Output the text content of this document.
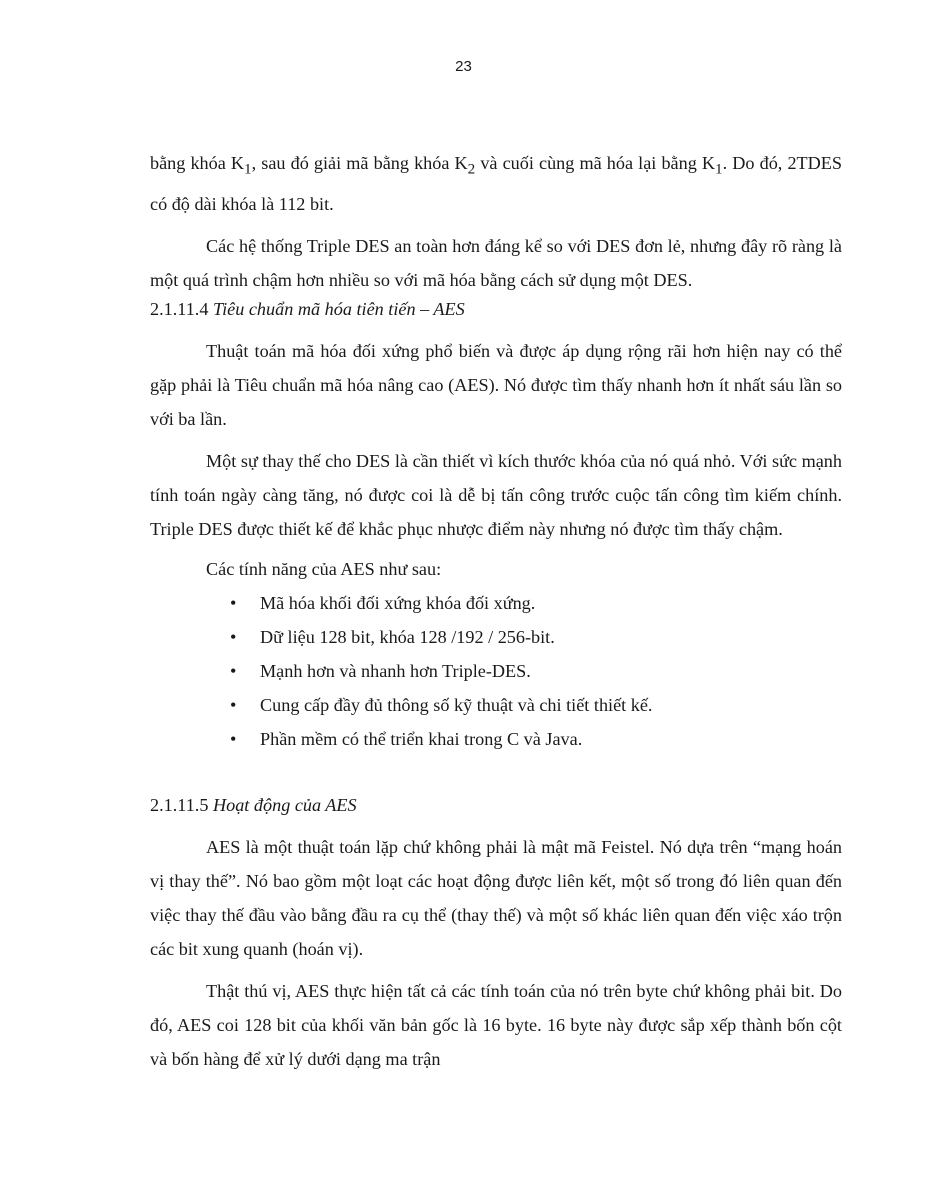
23

bằng khóa $K_1$, sau đó giải mã bằng khóa $K_2$ và cuối cùng mã hóa lại bằng $K_1$. Do đó, 2TDES có độ dài khóa là 112 bit.

Các hệ thống Triple DES an toàn hơn đáng kể so với DES đơn lẻ, nhưng đây rõ ràng là một quá trình chậm hơn nhiều so với mã hóa bằng cách sử dụng một DES.

2.1.11.4 Tiêu chuẩn mã hóa tiên tiến – AES

Thuật toán mã hóa đối xứng phổ biến và được áp dụng rộng rãi hơn hiện nay có thể gặp phải là Tiêu chuẩn mã hóa nâng cao (AES). Nó được tìm thấy nhanh hơn ít nhất sáu lần so với ba lần.

Một sự thay thế cho DES là cần thiết vì kích thước khóa của nó quá nhỏ. Với sức mạnh tính toán ngày càng tăng, nó được coi là dễ bị tấn công trước cuộc tấn công tìm kiếm chính. Triple DES được thiết kế để khắc phục nhược điểm này nhưng nó được tìm thấy chậm.

Các tính năng của AES như sau:

• Mã hóa khối đối xứng khóa đối xứng.
• Dữ liệu 128 bit, khóa 128 /192 / 256-bit.
• Mạnh hơn và nhanh hơn Triple-DES.
• Cung cấp đầy đủ thông số kỹ thuật và chi tiết thiết kế.
• Phần mềm có thể triển khai trong C và Java.

2.1.11.5 Hoạt động của AES

AES là một thuật toán lặp chứ không phải là mật mã Feistel. Nó dựa trên “mạng hoán vị thay thế”. Nó bao gồm một loạt các hoạt động được liên kết, một số trong đó liên quan đến việc thay thế đầu vào bằng đầu ra cụ thể (thay thế) và một số khác liên quan đến việc xáo trộn các bit xung quanh (hoán vị).

Thật thú vị, AES thực hiện tất cả các tính toán của nó trên byte chứ không phải bit. Do đó, AES coi 128 bit của khối văn bản gốc là 16 byte. 16 byte này được sắp xếp thành bốn cột và bốn hàng để xử lý dưới dạng ma trận
